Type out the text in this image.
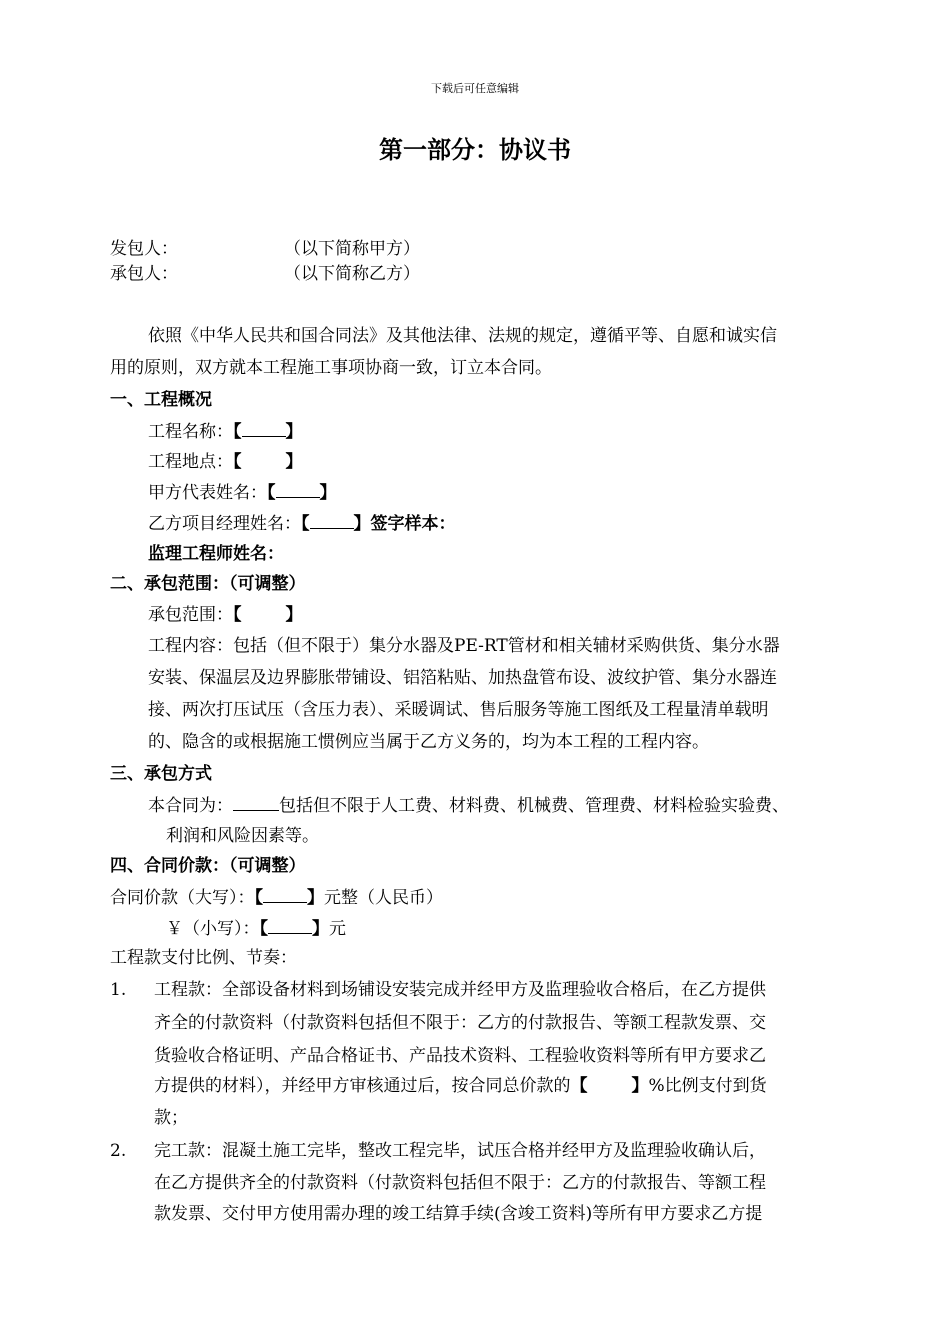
下载后可任意编辑
第一部分：协议书
发包人：	（以下简称甲方）
承包人：	（以下简称乙方）
依照《中华人民共和国合同法》及其他法律、法规的规定，遵循平等、自愿和诚实信
用的原则，双方就本工程施工事项协商一致，订立本合同。
一、工程概况
工程名称：【	】
工程地点：【	】
甲方代表姓名：【	】
乙方项目经理姓名：【	】签字样本：
监理工程师姓名：
二、承包范围：（可调整）
承包范围：【	】
工程内容：包括（但不限于）集分水器及PE-RT管材和相关辅材采购供货、集分水器
安装、保温层及边界膨胀带铺设、铝箔粘贴、加热盘管布设、波纹护管、集分水器连
接、两次打压试压（含压力表）、采暖调试、售后服务等施工图纸及工程量清单载明
的、隐含的或根据施工惯例应当属于乙方义务的，均为本工程的工程内容。
三、承包方式
本合同为：	包括但不限于人工费、材料费、机械费、管理费、材料检验实验费、
利润和风险因素等。
四、合同价款：（可调整）
合同价款（大写）：【	】元整（人民币）
￥（小写）：【	】元
工程款支付比例、节奏：
1. 工程款：全部设备材料到场铺设安装完成并经甲方及监理验收合格后，在乙方提供
齐全的付款资料（付款资料包括但不限于：乙方的付款报告、等额工程款发票、交
货验收合格证明、产品合格证书、产品技术资料、工程验收资料等所有甲方要求乙
方提供的材料），并经甲方审核通过后，按合同总价款的【	】%比例支付到货
款；
2. 完工款：混凝土施工完毕，整改工程完毕，试压合格并经甲方及监理验收确认后，
在乙方提供齐全的付款资料（付款资料包括但不限于：乙方的付款报告、等额工程
款发票、交付甲方使用需办理的竣工结算手续(含竣工资料)等所有甲方要求乙方提
